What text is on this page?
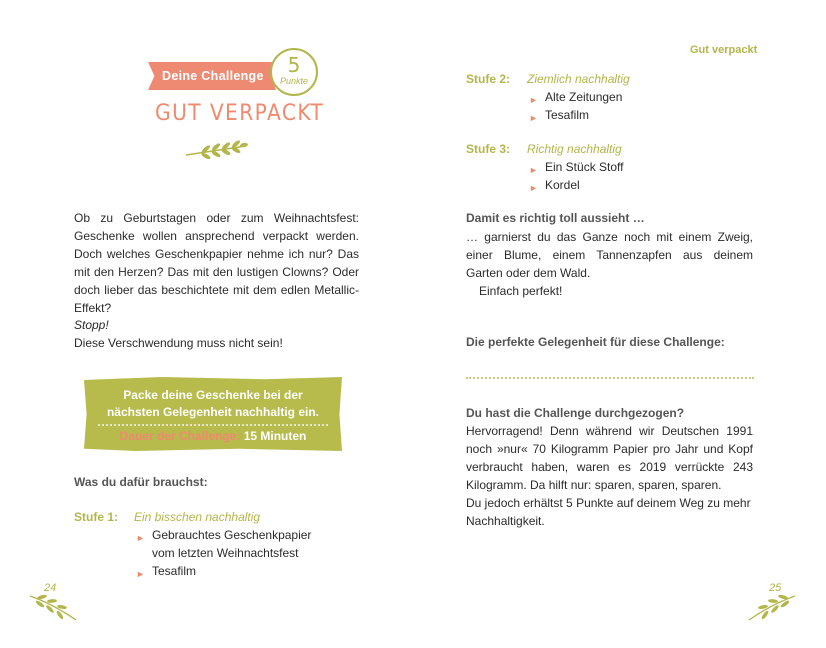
Deine Challenge	5
Punkte
GUT VERPACKT
Ob zu Geburtstagen oder zum Weihnachtsfest: Geschenke wollen ansprechend verpackt werden. Doch welches Geschenkpapier nehme ich nur? Das mit den Herzen? Das mit den lustigen Clowns? Oder doch lieber das beschichtete mit dem edlen Metallic-Effekt?
Stopp!
Diese Verschwendung muss nicht sein!
Packe deine Geschenke bei der
nächsten Gelegenheit nachhaltig ein.
Dauer der Challenge: 15 Minuten
Was du dafür brauchst:
Stufe 1: Ein bisschen nachhaltig
► Gebrauchtes Geschenkpapier
vom letzten Weihnachtsfest
► Tesafilm
24
Gut verpackt
Stufe 2: Ziemlich nachhaltig
► Alte Zeitungen
► Tesafilm
Stufe 3: Richtig nachhaltig
► Ein Stück Stoff
► Kordel
Damit es richtig toll aussieht …
… garnierst du das Ganze noch mit einem Zweig, einer Blume, einem Tannenzapfen aus deinem Garten oder dem Wald.
Einfach perfekt!
Die perfekte Gelegenheit für diese Challenge:
Du hast die Challenge durchgezogen?
Hervorragend! Denn während wir Deutschen 1991 noch »nur« 70 Kilogramm Papier pro Jahr und Kopf verbraucht haben, waren es 2019 verrückte 243 Kilogramm. Da hilft nur: sparen, sparen, sparen.
Du jedoch erhältst 5 Punkte auf deinem Weg zu mehr Nachhaltigkeit.
25
